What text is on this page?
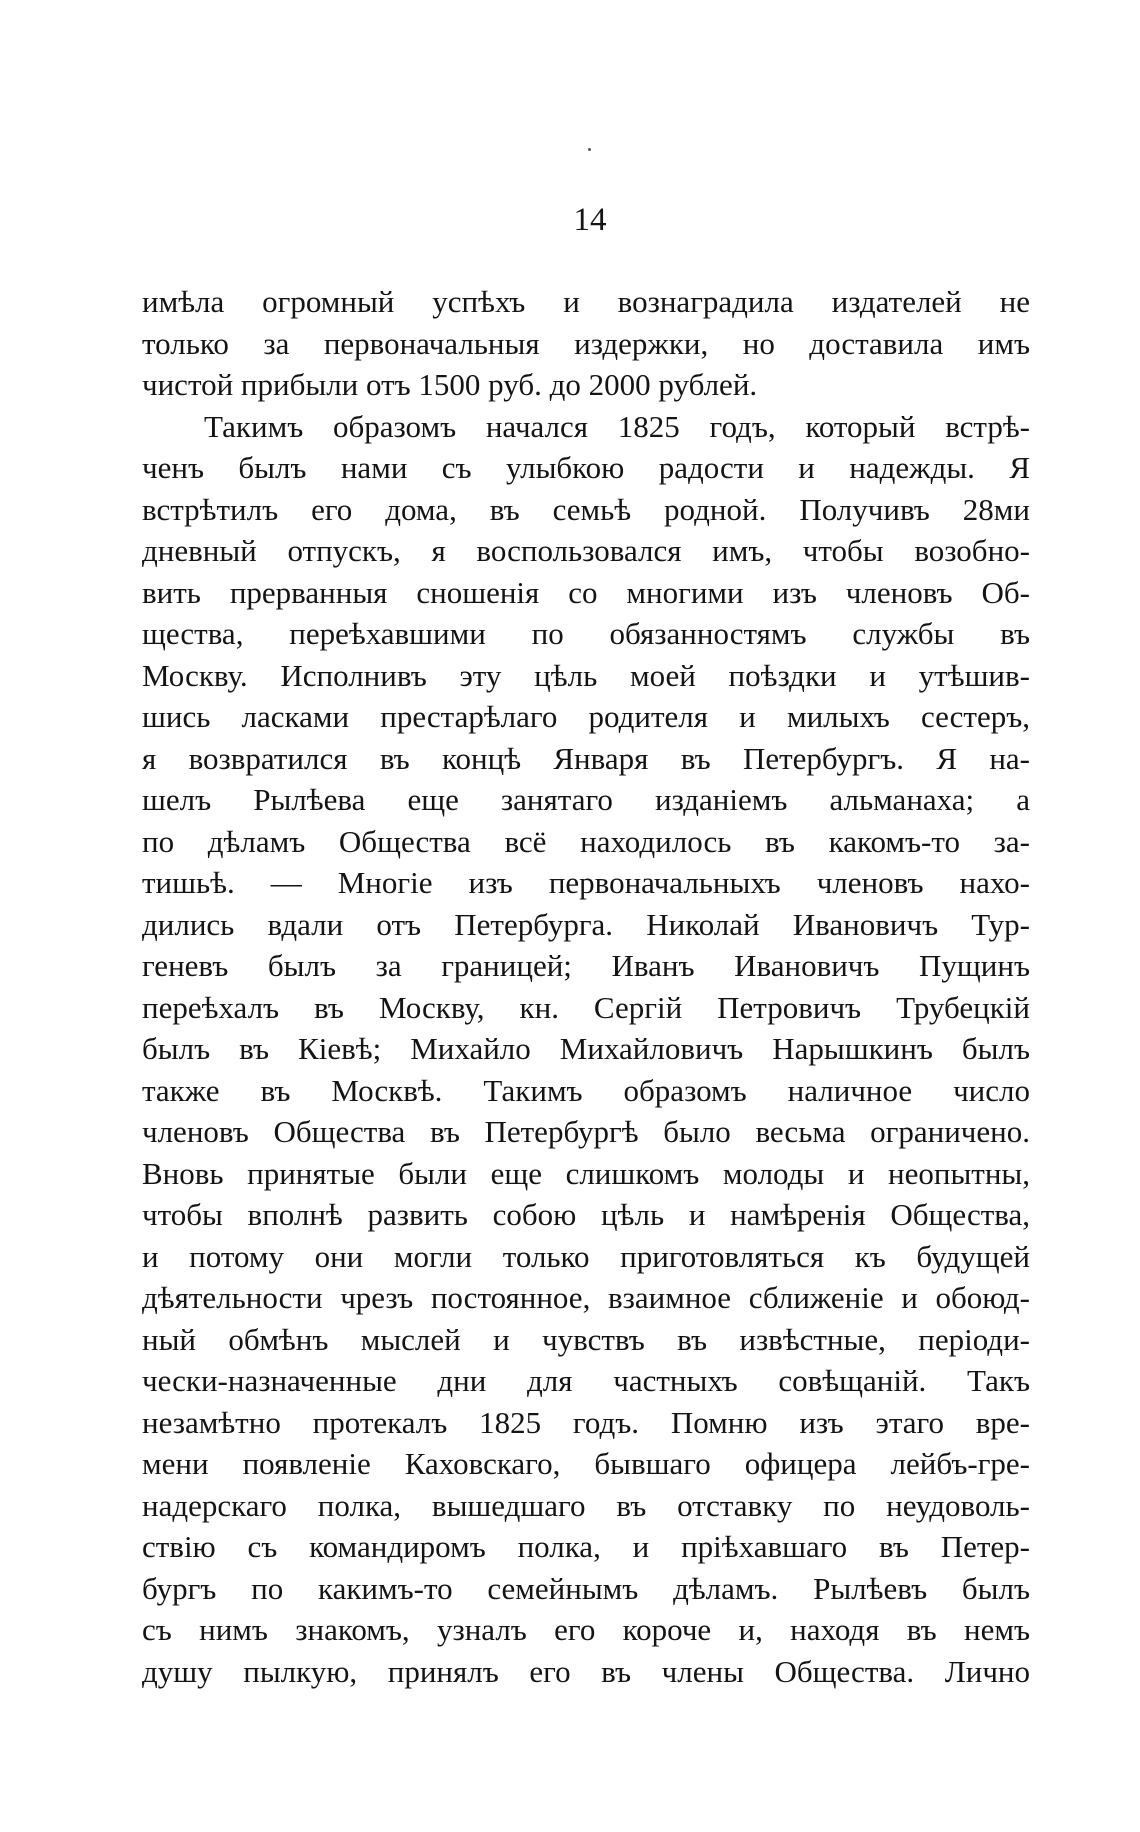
14
имѣла огромный успѣхъ и вознаградила издателей не
только за первоначальныя издержки, но доставила имъ
чистой прибыли отъ 1500 руб. до 2000 рублей.
Такимъ образомъ начался 1825 годъ, который встрѣ-
ченъ былъ нами съ улыбкою радости и надежды. Я
встрѣтилъ его дома, въ семьѣ родной. Получивъ 28ми
дневный отпускъ, я воспользовался имъ, чтобы возобно-
вить прерванныя сношенія со многими изъ членовъ Об-
щества, переѣхавшими по обязанностямъ службы въ
Москву. Исполнивъ эту цѣль моей поѣздки и утѣшив-
шись ласками престарѣлаго родителя и милыхъ сестеръ,
я возвратился въ концѣ Января въ Петербургъ. Я на-
шелъ Рылѣева еще занятаго изданіемъ альманаха; а
по дѣламъ Общества всё находилось въ какомъ-то за-
тишьѣ. — Многіе изъ первоначальныхъ членовъ нахо-
дились вдали отъ Петербурга. Николай Ивановичъ Тур-
геневъ былъ за границей; Иванъ Ивановичъ Пущинъ
переѣхалъ въ Москву, кн. Сергій Петровичъ Трубецкій
былъ въ Кіевѣ; Михайло Михайловичъ Нарышкинъ былъ
также въ Москвѣ. Такимъ образомъ наличное число
членовъ Общества въ Петербургѣ было весьма ограничено.
Вновь принятые были еще слишкомъ молоды и неопытны,
чтобы вполнѣ развить собою цѣль и намѣренія Общества,
и потому они могли только приготовляться къ будущей
дѣятельности чрезъ постоянное, взаимное сближеніе и обоюд-
ный обмѣнъ мыслей и чувствъ въ извѣстные, періоди-
чески-назначенные дни для частныхъ совѣщаній. Такъ
незамѣтно протекалъ 1825 годъ. Помню изъ этаго вре-
мени появленіе Каховскаго, бывшаго офицера лейбъ-гре-
надерскаго полка, вышедшаго въ отставку по неудоволь-
ствію съ командиромъ полка, и пріѣхавшаго въ Петер-
бургъ по какимъ-то семейнымъ дѣламъ. Рылѣевъ былъ
съ нимъ знакомъ, узналъ его короче и, находя въ немъ
душу пылкую, принялъ его въ члены Общества. Лично
